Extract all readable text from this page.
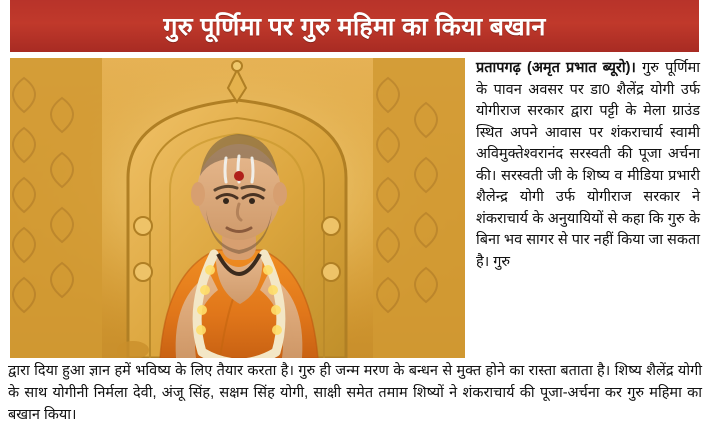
गुरु पूर्णिमा पर गुरु महिमा का किया बखान
प्रतापगढ़ (अमृत प्रभात ब्यूरो)। गुरु पूर्णिमा के पावन अवसर पर डा0 शैलेंद्र योगी उर्फ योगीराज सरकार द्वारा पट्टी के मेला ग्राउंड स्थित अपने आवास पर शंकराचार्य स्वामी अविमुक्तेश्वरानंद सरस्वती की पूजा अर्चना की। सरस्वती जी के शिष्य व मीडिया प्रभारी शैलेन्द्र योगी उर्फ योगीराज सरकार ने शंकराचार्य के अनुयायियों से कहा कि गुरु के बिना भव सागर से पार नहीं किया जा सकता है। गुरु
द्वारा दिया हुआ ज्ञान हमें भविष्य के लिए तैयार करता है। गुरु ही जन्म मरण के बन्धन से मुक्त होने का रास्ता बताता है। शिष्य शैलेंद्र योगी के साथ योगीनी निर्मला देवी, अंजू सिंह, सक्षम सिंह योगी, साक्षी समेत तमाम शिष्यों ने शंकराचार्य की पूजा-अर्चना कर गुरु महिमा का बखान किया।
